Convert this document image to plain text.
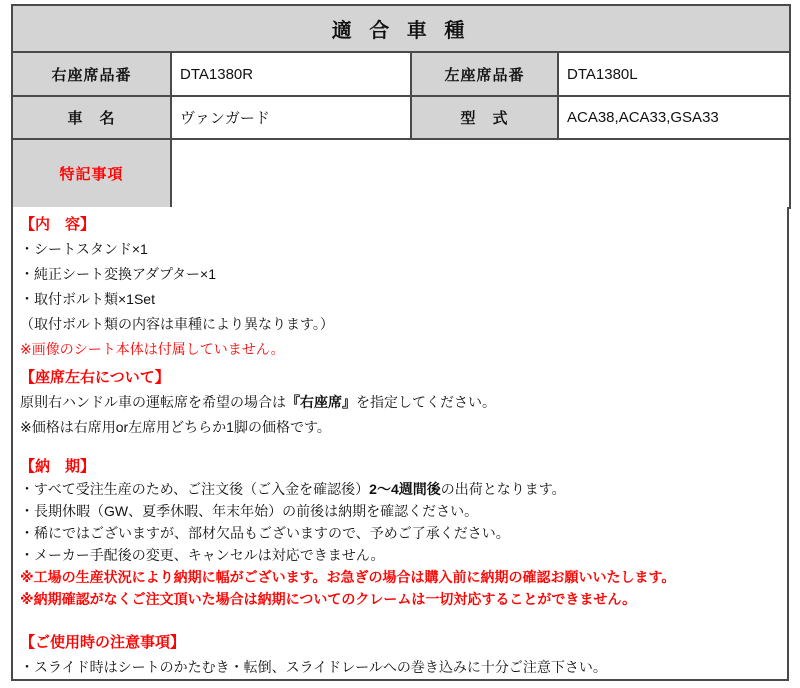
適 合 車 種			
右座席品番	DTA1380R	左座席品番	DTA1380L
車　名	ヴァンガード	型　式	ACA38,ACA33,GSA33
特記事項			
【内　容】
・シートスタンド×1
・純正シート変換アダプター×1
・取付ボルト類×1Set
（取付ボルト類の内容は車種により異なります。）
※画像のシート本体は付属していません。
【座席左右について】
原則右ハンドル車の運転席を希望の場合は『右座席』を指定してください。
※価格は右席用or左席用どちらか1脚の価格です。
【納　期】
・すべて受注生産のため、ご注文後（ご入金を確認後）2～4週間後の出荷となります。
・長期休暇（GW、夏季休暇、年末年始）の前後は納期を確認ください。
・稀にではございますが、部材欠品もございますので、予めご了承ください。
・メーカー手配後の変更、キャンセルは対応できません。
※工場の生産状況により納期に幅がございます。お急ぎの場合は購入前に納期の確認お願いいたします。
※納期確認がなくご注文頂いた場合は納期についてのクレームは一切対応することができません。
【ご使用時の注意事項】
・スライド時はシートのかたむき・転倒、スライドレールへの巻き込みに十分ご注意下さい。
